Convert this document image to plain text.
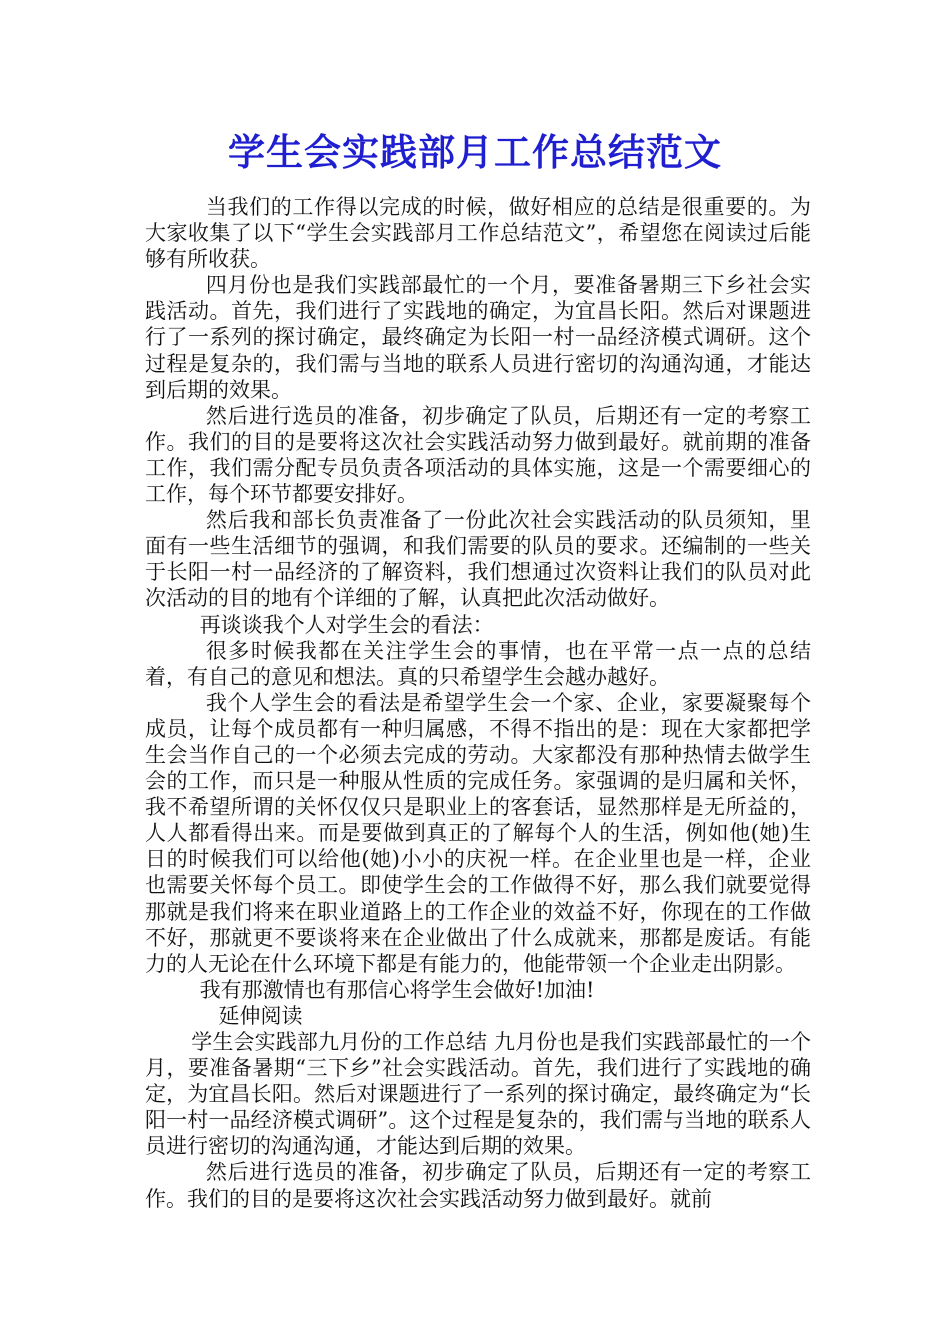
学生会实践部月工作总结范文

当我们的工作得以完成的时候，做好相应的总结是很重要的。为大家收集了以下“学生会实践部月工作总结范文”，希望您在阅读过后能够有所收获。

四月份也是我们实践部最忙的一个月，要准备暑期三下乡社会实践活动。首先，我们进行了实践地的确定，为宜昌长阳。然后对课题进行了一系列的探讨确定，最终确定为长阳一村一品经济模式调研。这个过程是复杂的，我们需与当地的联系人员进行密切的沟通沟通，才能达到后期的效果。

然后进行选员的准备，初步确定了队员，后期还有一定的考察工作。我们的目的是要将这次社会实践活动努力做到最好。就前期的准备工作，我们需分配专员负责各项活动的具体实施，这是一个需要细心的工作，每个环节都要安排好。

然后我和部长负责准备了一份此次社会实践活动的队员须知，里面有一些生活细节的强调，和我们需要的队员的要求。还编制的一些关于长阳一村一品经济的了解资料，我们想通过次资料让我们的队员对此次活动的目的地有个详细的了解，认真把此次活动做好。

再谈谈我个人对学生会的看法：

很多时候我都在关注学生会的事情，也在平常一点一点的总结着，有自己的意见和想法。真的只希望学生会越办越好。

我个人学生会的看法是希望学生会一个家、企业，家要凝聚每个成员，让每个成员都有一种归属感，不得不指出的是：现在大家都把学生会当作自己的一个必须去完成的劳动。大家都没有那种热情去做学生会的工作，而只是一种服从性质的完成任务。家强调的是归属和关怀，我不希望所谓的关怀仅仅只是职业上的客套话，显然那样是无所益的，人人都看得出来。而是要做到真正的了解每个人的生活，例如他(她)生日的时候我们可以给他(她)小小的庆祝一样。在企业里也是一样，企业也需要关怀每个员工。即使学生会的工作做得不好，那么我们就要觉得那就是我们将来在职业道路上的工作企业的效益不好，你现在的工作做不好，那就更不要谈将来在企业做出了什么成就来，那都是废话。有能力的人无论在什么环境下都是有能力的，他能带领一个企业走出阴影。

我有那激情也有那信心将学生会做好!加油!

延伸阅读

学生会实践部九月份的工作总结 九月份也是我们实践部最忙的一个月，要准备暑期“三下乡”社会实践活动。首先，我们进行了实践地的确定，为宜昌长阳。然后对课题进行了一系列的探讨确定，最终确定为“长阳一村一品经济模式调研”。这个过程是复杂的，我们需与当地的联系人员进行密切的沟通沟通，才能达到后期的效果。

然后进行选员的准备，初步确定了队员，后期还有一定的考察工作。我们的目的是要将这次社会实践活动努力做到最好。就前
